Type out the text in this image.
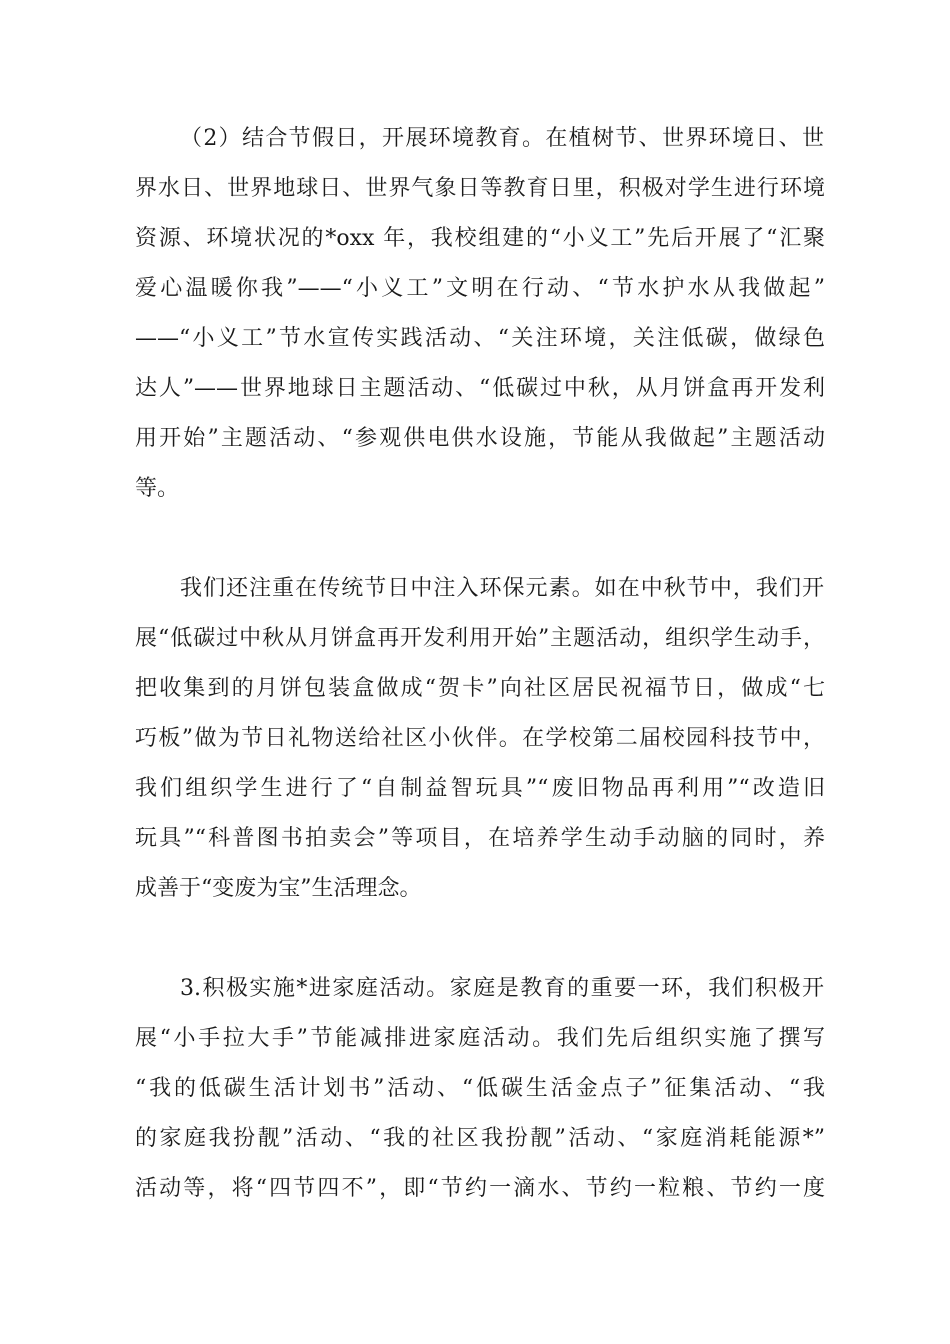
（2）结合节假日，开展环境教育。在植树节、世界环境日、世
界水日、世界地球日、世界气象日等教育日里，积极对学生进行环境
资源、环境状况的*oxx 年，我校组建的“小义工”先后开展了“汇聚
爱心温暖你我”——“小义工”文明在行动、“节水护水从我做起”
——“小义工”节水宣传实践活动、“关注环境，关注低碳，做绿色
达人”——世界地球日主题活动、“低碳过中秋，从月饼盒再开发利
用开始”主题活动、“参观供电供水设施，节能从我做起”主题活动
等。
我们还注重在传统节日中注入环保元素。如在中秋节中，我们开
展“低碳过中秋从月饼盒再开发利用开始”主题活动，组织学生动手，
把收集到的月饼包装盒做成“贺卡”向社区居民祝福节日，做成“七
巧板”做为节日礼物送给社区小伙伴。在学校第二届校园科技节中，
我们组织学生进行了“自制益智玩具”“废旧物品再利用”“改造旧
玩具”“科普图书拍卖会”等项目，在培养学生动手动脑的同时，养
成善于“变废为宝”生活理念。
3.积极实施*进家庭活动。家庭是教育的重要一环，我们积极开
展“小手拉大手”节能减排进家庭活动。我们先后组织实施了撰写
“我的低碳生活计划书”活动、“低碳生活金点子”征集活动、“我
的家庭我扮靓”活动、“我的社区我扮靓”活动、“家庭消耗能源*”
活动等，将“四节四不”，即“节约一滴水、节约一粒粮、节约一度
